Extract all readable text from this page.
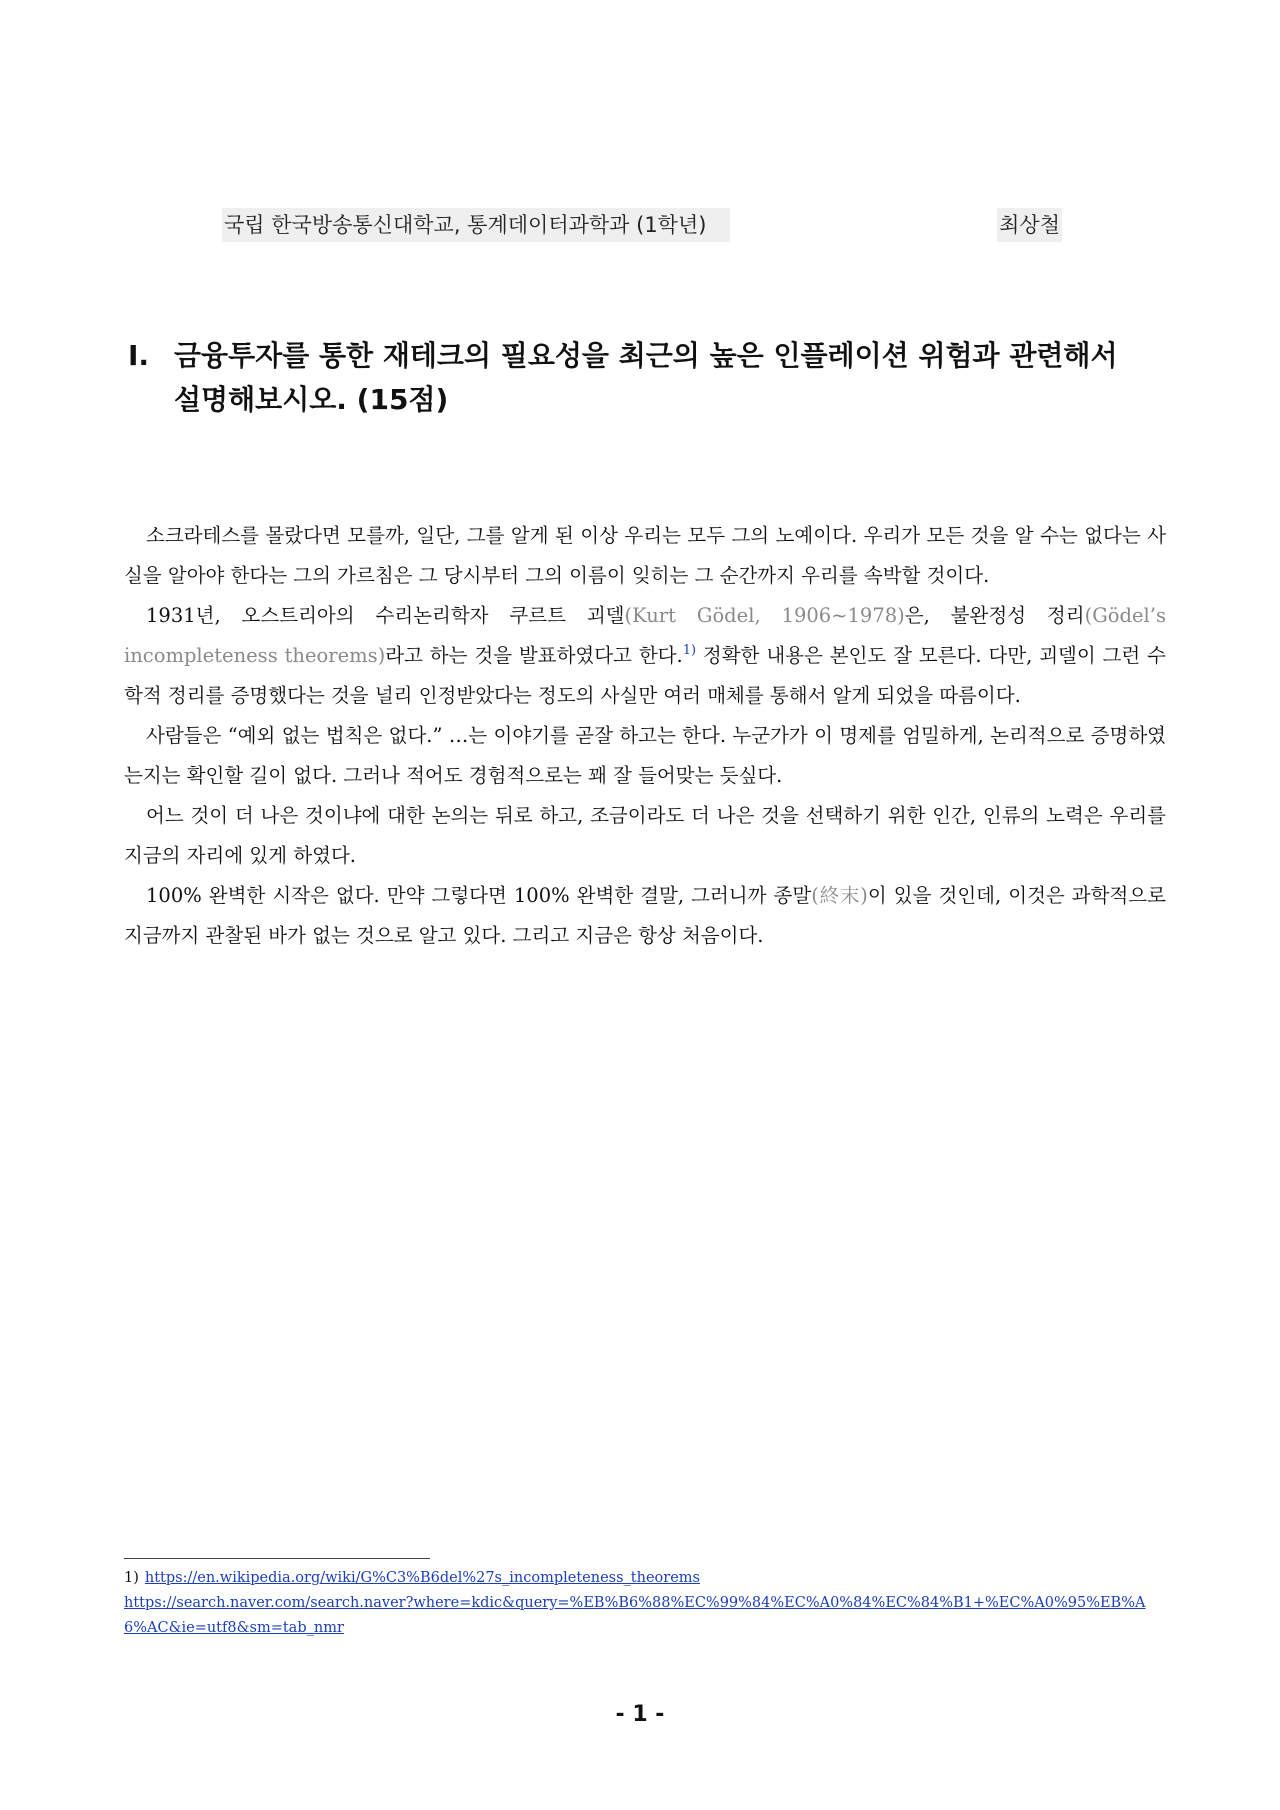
국립 한국방송통신대학교, 통계데이터과학과 (1학년)	최상철
Ⅰ. 금융투자를 통한 재테크의 필요성을 최근의 높은 인플레이션 위험과 관련해서
설명해보시오. (15점)

소크라테스를 몰랐다면 모를까, 일단, 그를 알게 된 이상 우리는 모두 그의 노예이다. 우리가 모든 것을 알 수는 없다는 사실을 알아야 한다는 그의 가르침은 그 당시부터 그의 이름이 잊히는 그 순간까지 우리를 속박할 것이다.

1931년, 오스트리아의 수리논리학자 쿠르트 괴델(Kurt Gödel, 1906~1978)은, 불완정성 정리(Gödel’s incompleteness theorems)라고 하는 것을 발표하였다고 한다.$^{1)}$ 정확한 내용은 본인도 잘 모른다. 다만, 괴델이 그런 수학적 정리를 증명했다는 것을 널리 인정받았다는 정도의 사실만 여러 매체를 통해서 알게 되었을 따름이다.

사람들은 “예외 없는 법칙은 없다.” …는 이야기를 곧잘 하고는 한다. 누군가가 이 명제를 엄밀하게, 논리적으로 증명하였는지는 확인할 길이 없다. 그러나 적어도 경험적으로는 꽤 잘 들어맞는 듯싶다.

어느 것이 더 나은 것이냐에 대한 논의는 뒤로 하고, 조금이라도 더 나은 것을 선택하기 위한 인간, 인류의 노력은 우리를 지금의 자리에 있게 하였다.

100% 완벽한 시작은 없다. 만약 그렇다면 100% 완벽한 결말, 그러니까 종말(終末)이 있을 것인데, 이것은 과학적으로 지금까지 관찰된 바가 없는 것으로 알고 있다. 그리고 지금은 항상 처음이다.

1) https://en.wikipedia.org/wiki/G%C3%B6del%27s_incompleteness_theorems
https://search.naver.com/search.naver?where=kdic&query=%EB%B6%88%EC%99%84%EC%A0%84%EC%84%B1+%EC%A0%95%EB%A6%AC&ie=utf8&sm=tab_nmr
- 1 -
